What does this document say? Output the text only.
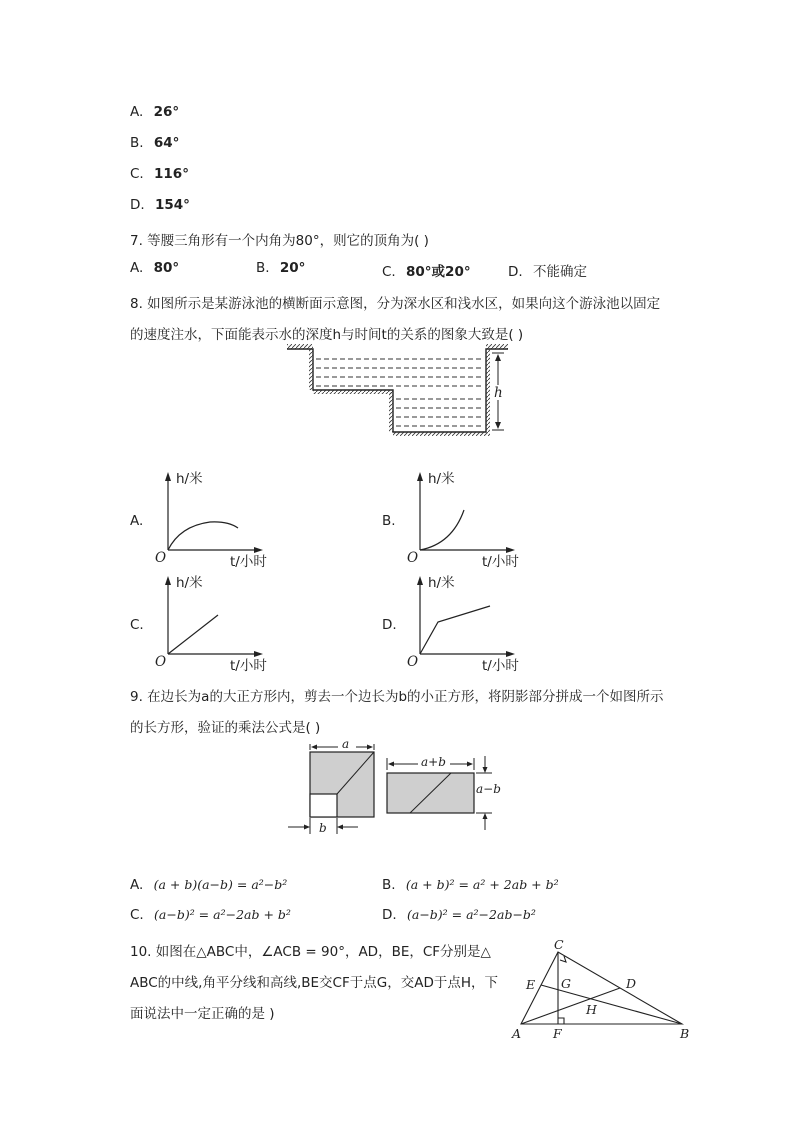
A. 26°
B. 64°
C. 116°
D. 154°
7. 等腰三角形有一个内角为80°，则它的顶角为( )
A. 80°	B. 20°	C. 80°或20°	D. 不能确定
8. 如图所示是某游泳池的横断面示意图，分为深水区和浅水区，如果向这个游泳池以固定
的速度注水，下面能表示水的深度h与时间t的关系的图象大致是( )
h
A.
h/米
O	t/小时
B.
h/米
O	t/小时
C.
h/米
O	t/小时
D.
h/米
O	t/小时
9. 在边长为a的大正方形内，剪去一个边长为b的小正方形，将阴影部分拼成一个如图所示
的长方形，验证的乘法公式是( )
a
b
a+b
a−b
A. (a + b)(a−b) = a²−b²	B. (a + b)² = a² + 2ab + b²
C. (a−b)² = a²−2ab + b²	D. (a−b)² = a²−2ab−b²
10. 如图在△ABC中，∠ACB = 90°，AD，BE，CF分别是△
ABC的中线,角平分线和高线,BE交CF于点G，交AD于点H，下
面说法中一定正确的是 )
C
E G	D
H
A	F	B
